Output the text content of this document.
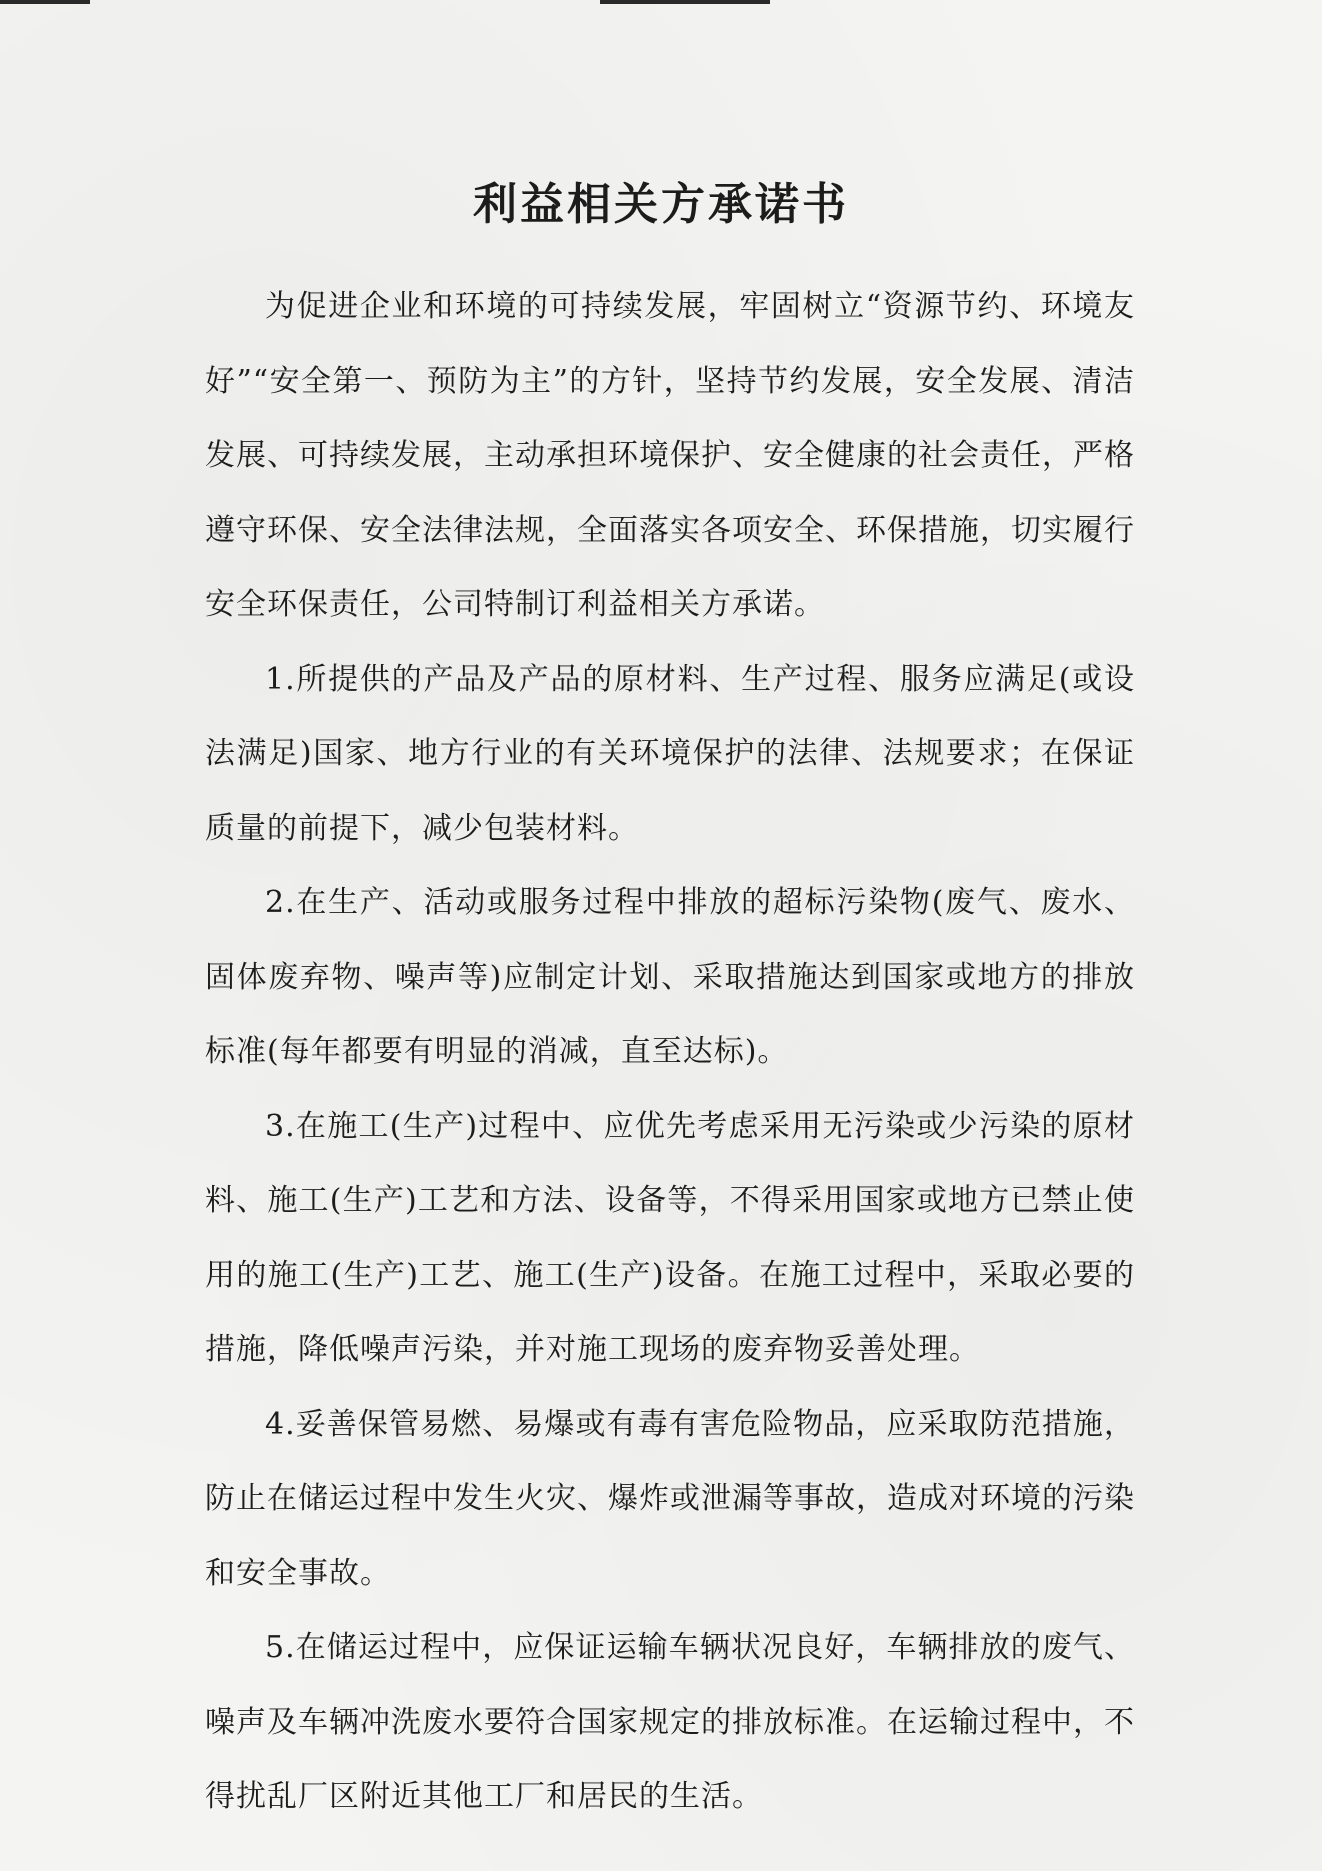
利益相关方承诺书

为促进企业和环境的可持续发展，牢固树立“资源节约、环境友好”“安全第一、预防为主”的方针，坚持节约发展，安全发展、清洁发展、可持续发展，主动承担环境保护、安全健康的社会责任，严格遵守环保、安全法律法规，全面落实各项安全、环保措施，切实履行安全环保责任，公司特制订利益相关方承诺。

1.所提供的产品及产品的原材料、生产过程、服务应满足(或设法满足)国家、地方行业的有关环境保护的法律、法规要求；在保证质量的前提下，减少包装材料。

2.在生产、活动或服务过程中排放的超标污染物(废气、废水、固体废弃物、噪声等)应制定计划、采取措施达到国家或地方的排放标准(每年都要有明显的消减，直至达标)。

3.在施工(生产)过程中、应优先考虑采用无污染或少污染的原材料、施工(生产)工艺和方法、设备等，不得采用国家或地方已禁止使用的施工(生产)工艺、施工(生产)设备。在施工过程中，采取必要的措施，降低噪声污染，并对施工现场的废弃物妥善处理。

4.妥善保管易燃、易爆或有毒有害危险物品，应采取防范措施，防止在储运过程中发生火灾、爆炸或泄漏等事故，造成对环境的污染和安全事故。

5.在储运过程中，应保证运输车辆状况良好，车辆排放的废气、噪声及车辆冲洗废水要符合国家规定的排放标准。在运输过程中，不得扰乱厂区附近其他工厂和居民的生活。
